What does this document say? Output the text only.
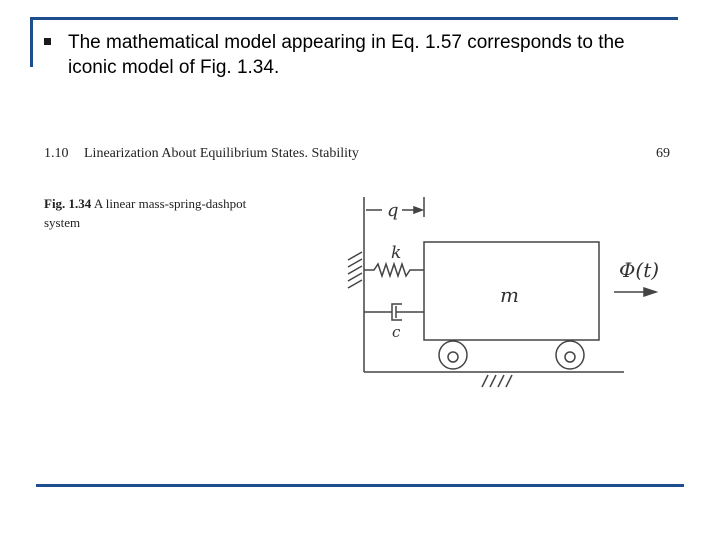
The mathematical model appearing in Eq. 1.57 corresponds to the iconic model of Fig. 1.34.
1.10 Linearization About Equilibrium States. Stability	69
Fig. 1.34 A linear mass-spring-dashpot system
q
k
c
m
Φ(t)
